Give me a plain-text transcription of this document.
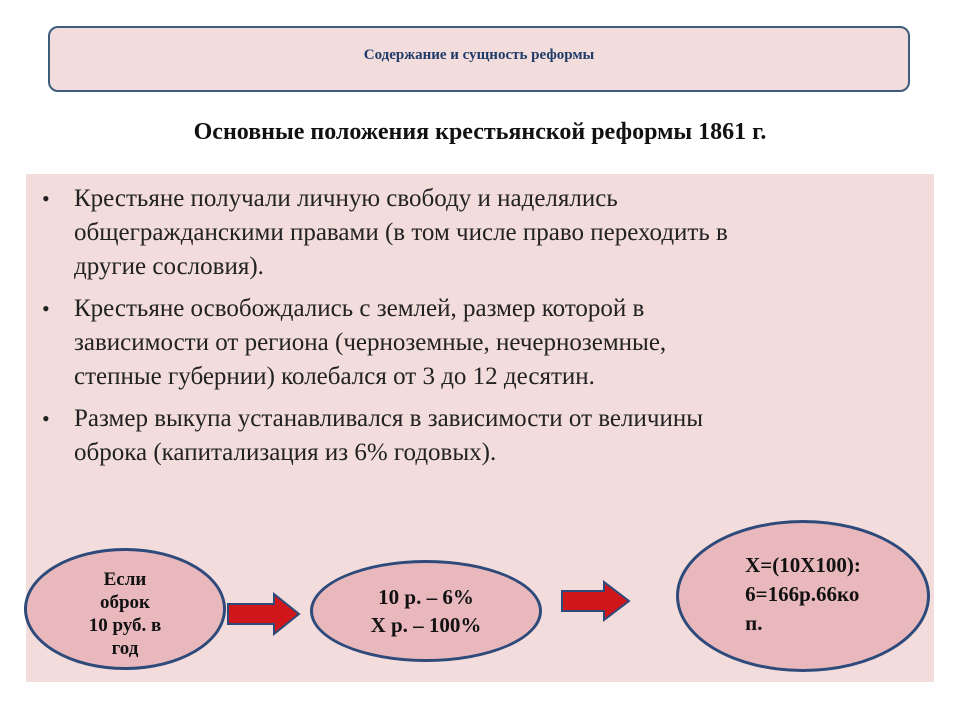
Содержание и сущность реформы
Основные положения крестьянской реформы 1861 г.
• Крестьяне получали личную свободу и наделялись
общегражданскими правами (в том числе право переходить в
другие сословия).
• Крестьяне освобождались с землей, размер которой в
зависимости от региона (черноземные, нечерноземные,
степные губернии) колебался от 3 до 12 десятин.
• Размер выкупа устанавливался в зависимости от величины
оброка (капитализация из 6% годовых).
Если
оброк
10 руб. в
год
10 р. – 6%
Х р. – 100%
Х=(10Х100):
6=166р.66ко
п.
